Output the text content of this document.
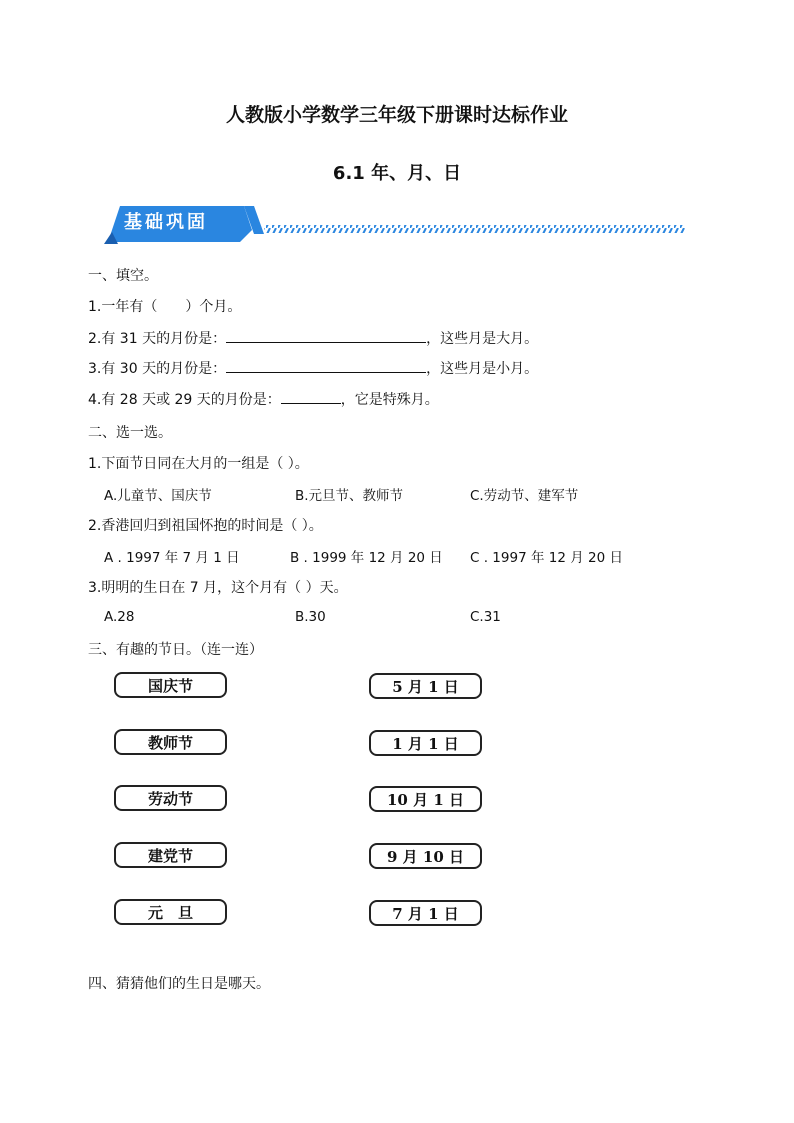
人教版小学数学三年级下册课时达标作业
6.1 年、月、日
基础巩固
一、填空。
1.一年有（ ）个月。
2.有 31 天的月份是：	，这些月是大月。
3.有 30 天的月份是：	，这些月是小月。
4.有 28 天或 29 天的月份是：	，它是特殊月。
二、选一选。
1.下面节日同在大月的一组是（ ）。
A.儿童节、国庆节	B.元旦节、教师节	C.劳动节、建军节
2.香港回归到祖国怀抱的时间是（ ）。
A . 1997 年 7 月 1 日	B . 1999 年 12 月 20 日 C . 1997 年 12 月 20 日
3.明明的生日在 7 月，这个月有（ ）天。
A.28	B.30	C.31
三、有趣的节日。（连一连）
国庆节
教师节
劳动节
建党节
元　旦
5 月 1 日
1 月 1 日
10 月 1 日
9 月 10 日
7 月 1 日
四、猜猜他们的生日是哪天。
